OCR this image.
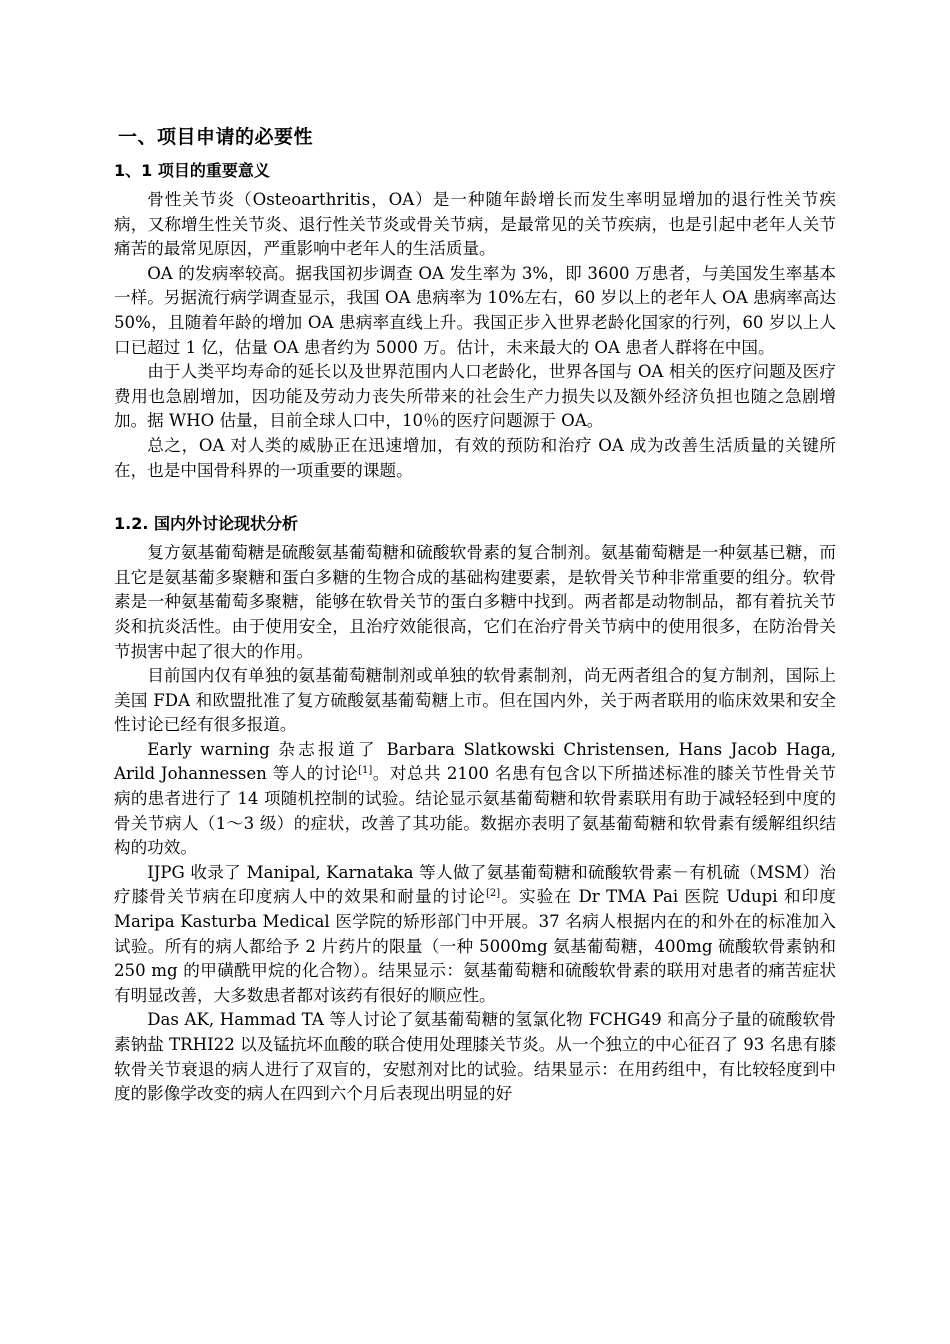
一、项目申请的必要性
1、1 项目的重要意义

骨性关节炎（Osteoarthritis，OA）是一种随年龄增长而发生率明显增加的退行性关节疾病，又称增生性关节炎、退行性关节炎或骨关节病，是最常见的关节疾病，也是引起中老年人关节痛苦的最常见原因，严重影响中老年人的生活质量。

OA 的发病率较高。据我国初步调查 OA 发生率为 3%，即 3600 万患者，与美国发生率基本一样。另据流行病学调查显示，我国 OA 患病率为 10%左右，60 岁以上的老年人 OA 患病率高达 50%，且随着年龄的增加 OA 患病率直线上升。我国正步入世界老龄化国家的行列，60 岁以上人口已超过 1 亿，估量 OA 患者约为 5000 万。估计，未来最大的 OA 患者人群将在中国。

由于人类平均寿命的延长以及世界范围内人口老龄化，世界各国与 OA 相关的医疗问题及医疗费用也急剧增加，因功能及劳动力丧失所带来的社会生产力损失以及额外经济负担也随之急剧增加。据 WHO 估量，目前全球人口中，10％的医疗问题源于 OA。

总之，OA 对人类的威胁正在迅速增加，有效的预防和治疗 OA 成为改善生活质量的关键所在，也是中国骨科界的一项重要的课题。

1.2. 国内外讨论现状分析

复方氨基葡萄糖是硫酸氨基葡萄糖和硫酸软骨素的复合制剂。氨基葡萄糖是一种氨基已糖，而且它是氨基葡多聚糖和蛋白多糖的生物合成的基础构建要素，是软骨关节种非常重要的组分。软骨素是一种氨基葡萄多聚糖，能够在软骨关节的蛋白多糖中找到。两者都是动物制品，都有着抗关节炎和抗炎活性。由于使用安全，且治疗效能很高，它们在治疗骨关节病中的使用很多，在防治骨关节损害中起了很大的作用。

目前国内仅有单独的氨基葡萄糖制剂或单独的软骨素制剂，尚无两者组合的复方制剂，国际上美国 FDA 和欧盟批准了复方硫酸氨基葡萄糖上市。但在国内外，关于两者联用的临床效果和安全性讨论已经有很多报道。

Early warning 杂志报道了 Barbara Slatkowski Christensen, Hans Jacob Haga, Arild Johannessen 等人的讨论[1]。对总共 2100 名患有包含以下所描述标准的膝关节性骨关节病的患者进行了 14 项随机控制的试验。结论显示氨基葡萄糖和软骨素联用有助于减轻轻到中度的骨关节病人（1～3 级）的症状，改善了其功能。数据亦表明了氨基葡萄糖和软骨素有缓解组织结构的功效。

IJPG 收录了 Manipal, Karnataka 等人做了氨基葡萄糖和硫酸软骨素－有机硫（MSM）治疗膝骨关节病在印度病人中的效果和耐量的讨论[2]。实验在 Dr TMA Pai 医院 Udupi 和印度 Maripa Kasturba Medical 医学院的矫形部门中开展。37 名病人根据内在的和外在的标准加入试验。所有的病人都给予 2 片药片的限量（一种 5000mg 氨基葡萄糖，400mg 硫酸软骨素钠和 250 mg 的甲磺酰甲烷的化合物）。结果显示：氨基葡萄糖和硫酸软骨素的联用对患者的痛苦症状有明显改善，大多数患者都对该药有很好的顺应性。

Das AK, Hammad TA 等人讨论了氨基葡萄糖的氢氯化物 FCHG49 和高分子量的硫酸软骨素钠盐 TRHI22 以及锰抗坏血酸的联合使用处理膝关节炎。从一个独立的中心征召了 93 名患有膝软骨关节衰退的病人进行了双盲的，安慰剂对比的试验。结果显示：在用药组中，有比较轻度到中度的影像学改变的病人在四到六个月后表现出明显的好
